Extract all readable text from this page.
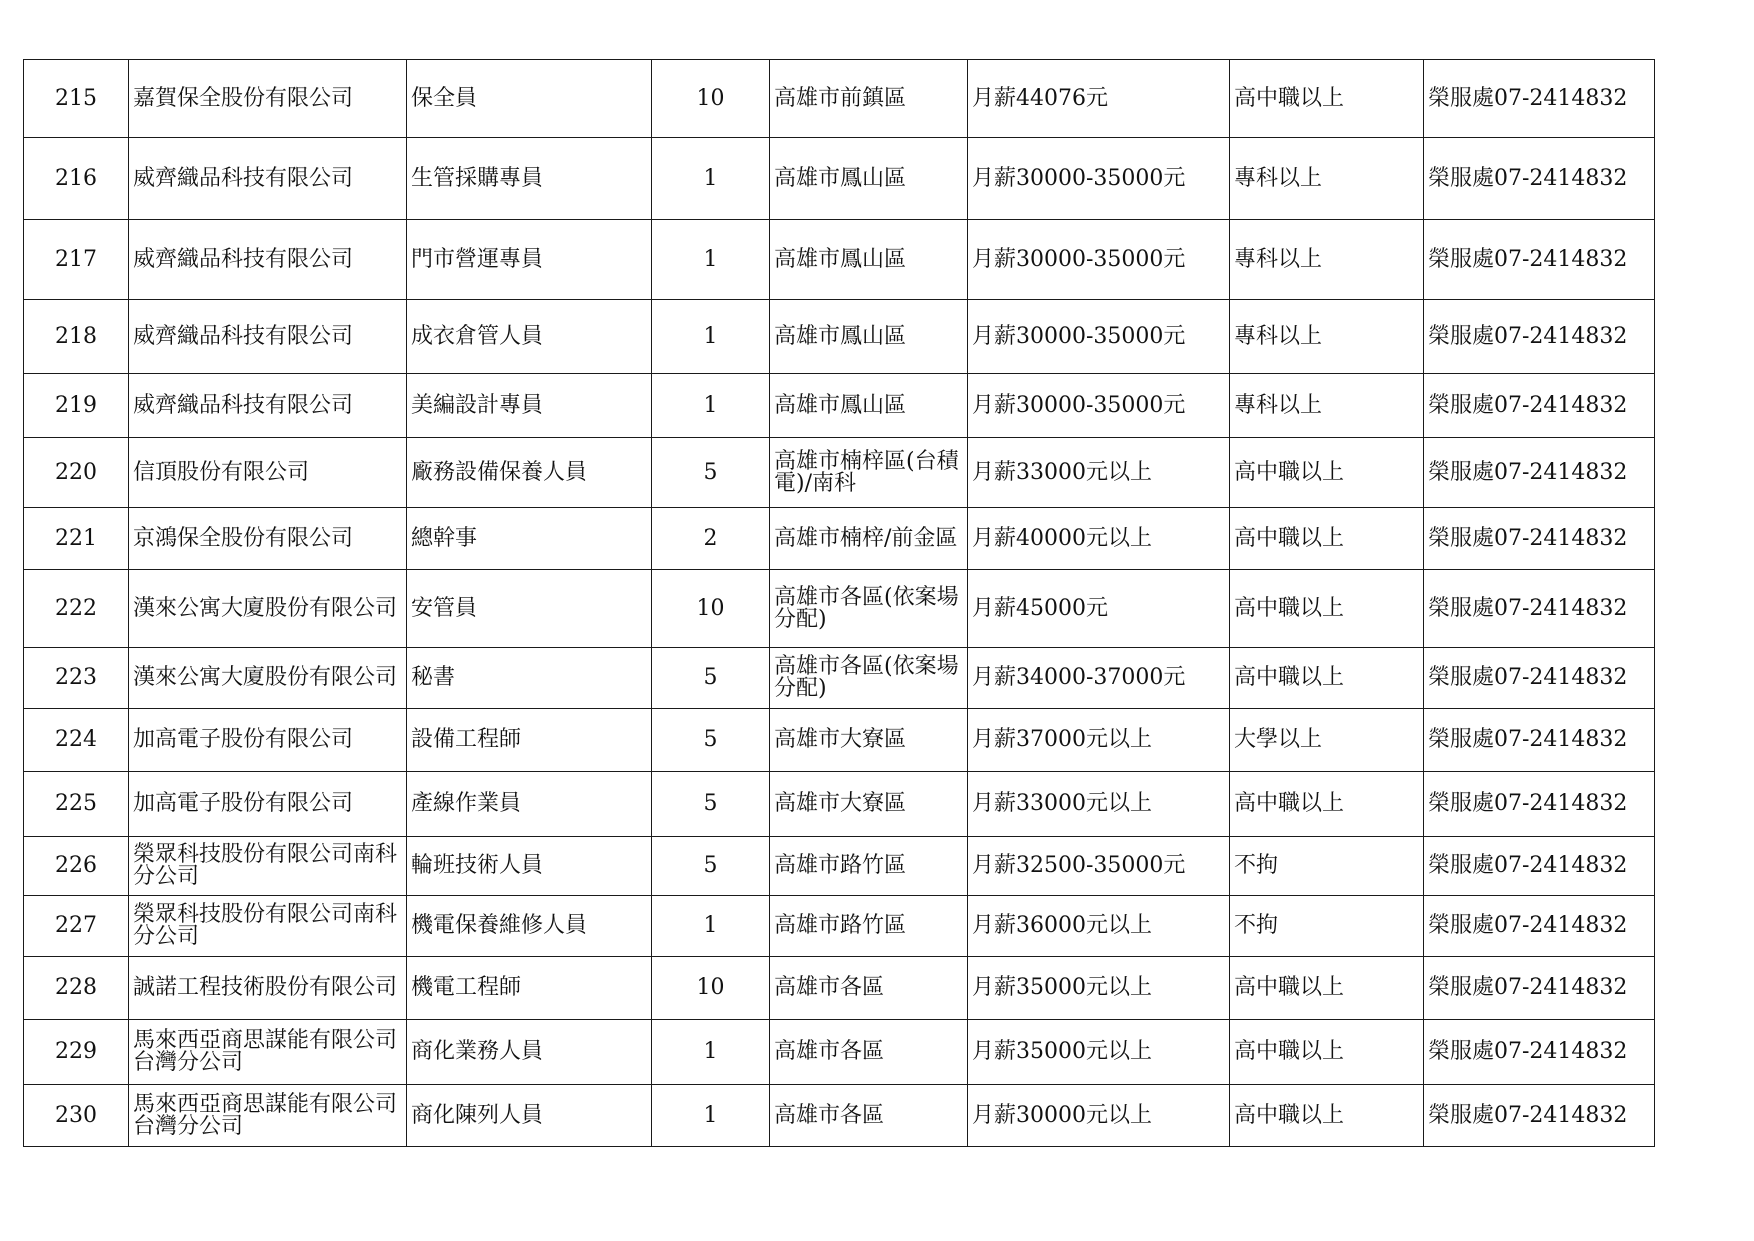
215	嘉賀保全股份有限公司	保全員	10	高雄市前鎮區	月薪44076元	高中職以上	榮服處07-2414832
216	威齊織品科技有限公司	生管採購專員	1	高雄市鳳山區	月薪30000-35000元	專科以上	榮服處07-2414832
217	威齊織品科技有限公司	門市營運專員	1	高雄市鳳山區	月薪30000-35000元	專科以上	榮服處07-2414832
218	威齊織品科技有限公司	成衣倉管人員	1	高雄市鳳山區	月薪30000-35000元	專科以上	榮服處07-2414832
219	威齊織品科技有限公司	美編設計專員	1	高雄市鳳山區	月薪30000-35000元	專科以上	榮服處07-2414832
220	信頂股份有限公司	廠務設備保養人員	5	高雄市楠梓區(台積電)/南科	月薪33000元以上	高中職以上	榮服處07-2414832
221	京鴻保全股份有限公司	總幹事	2	高雄市楠梓/前金區	月薪40000元以上	高中職以上	榮服處07-2414832
222	漢來公寓大廈股份有限公司	安管員	10	高雄市各區(依案場分配)	月薪45000元	高中職以上	榮服處07-2414832
223	漢來公寓大廈股份有限公司	秘書	5	高雄市各區(依案場分配)	月薪34000-37000元	高中職以上	榮服處07-2414832
224	加高電子股份有限公司	設備工程師	5	高雄市大寮區	月薪37000元以上	大學以上	榮服處07-2414832
225	加高電子股份有限公司	產線作業員	5	高雄市大寮區	月薪33000元以上	高中職以上	榮服處07-2414832
226	榮眾科技股份有限公司南科分公司	輪班技術人員	5	高雄市路竹區	月薪32500-35000元	不拘	榮服處07-2414832
227	榮眾科技股份有限公司南科分公司	機電保養維修人員	1	高雄市路竹區	月薪36000元以上	不拘	榮服處07-2414832
228	誠諾工程技術股份有限公司	機電工程師	10	高雄市各區	月薪35000元以上	高中職以上	榮服處07-2414832
229	馬來西亞商思謀能有限公司台灣分公司	商化業務人員	1	高雄市各區	月薪35000元以上	高中職以上	榮服處07-2414832
230	馬來西亞商思謀能有限公司台灣分公司	商化陳列人員	1	高雄市各區	月薪30000元以上	高中職以上	榮服處07-2414832
